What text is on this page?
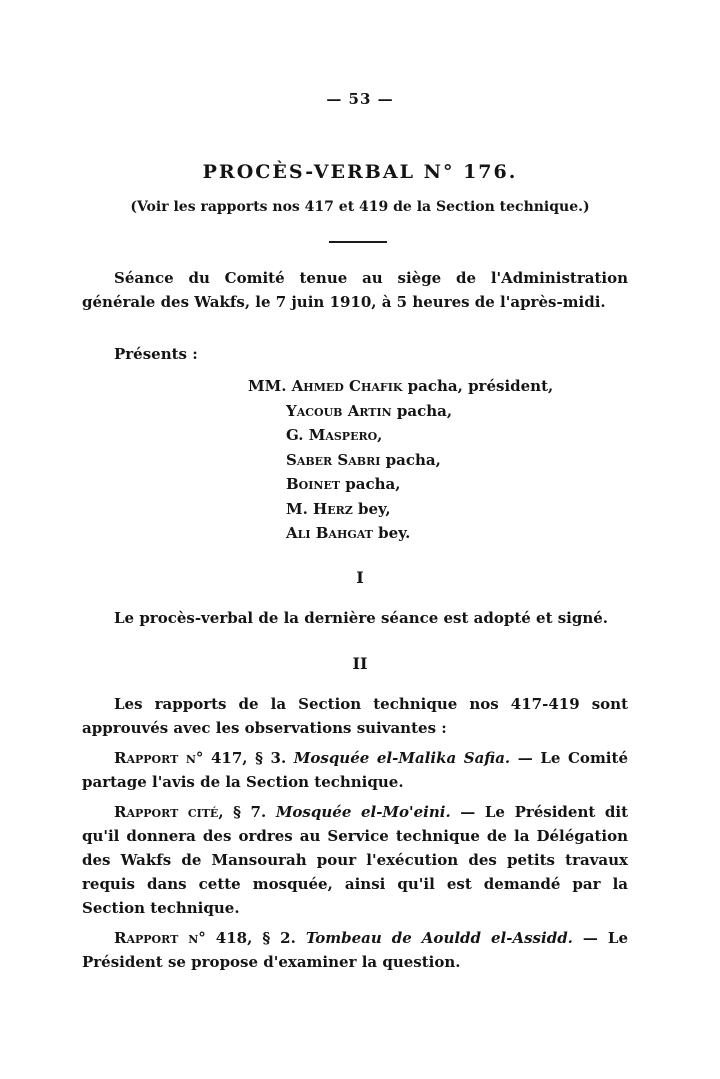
— 53 —
PROCÈS-VERBAL N° 176.
(Voir les rapports nos 417 et 419 de la Section technique.)

Séance du Comité tenue au siège de l'Administration générale des Wakfs, le 7 juin 1910, à 5 heures de l'après-midi.

Présents :

MM. Ahmed Chafik pacha, président,
Yacoub Artin pacha,
G. Maspero,
Saber Sabri pacha,
Boinet pacha,
M. Herz bey,
Ali Bahgat bey.
I

Le procès-verbal de la dernière séance est adopté et signé.

II

Les rapports de la Section technique nos 417-419 sont approuvés avec les observations suivantes :

Rapport n° 417, § 3. Mosquée el-Malika Safia. — Le Comité partage l'avis de la Section technique.

Rapport cité, § 7. Mosquée el-Mo'eini. — Le Président dit qu'il donnera des ordres au Service technique de la Délégation des Wakfs de Mansourah pour l'exécution des petits travaux requis dans cette mosquée, ainsi qu'il est demandé par la Section technique.

Rapport n° 418, § 2. Tombeau de Aouldd el-Assidd. — Le Président se propose d'examiner la question.
